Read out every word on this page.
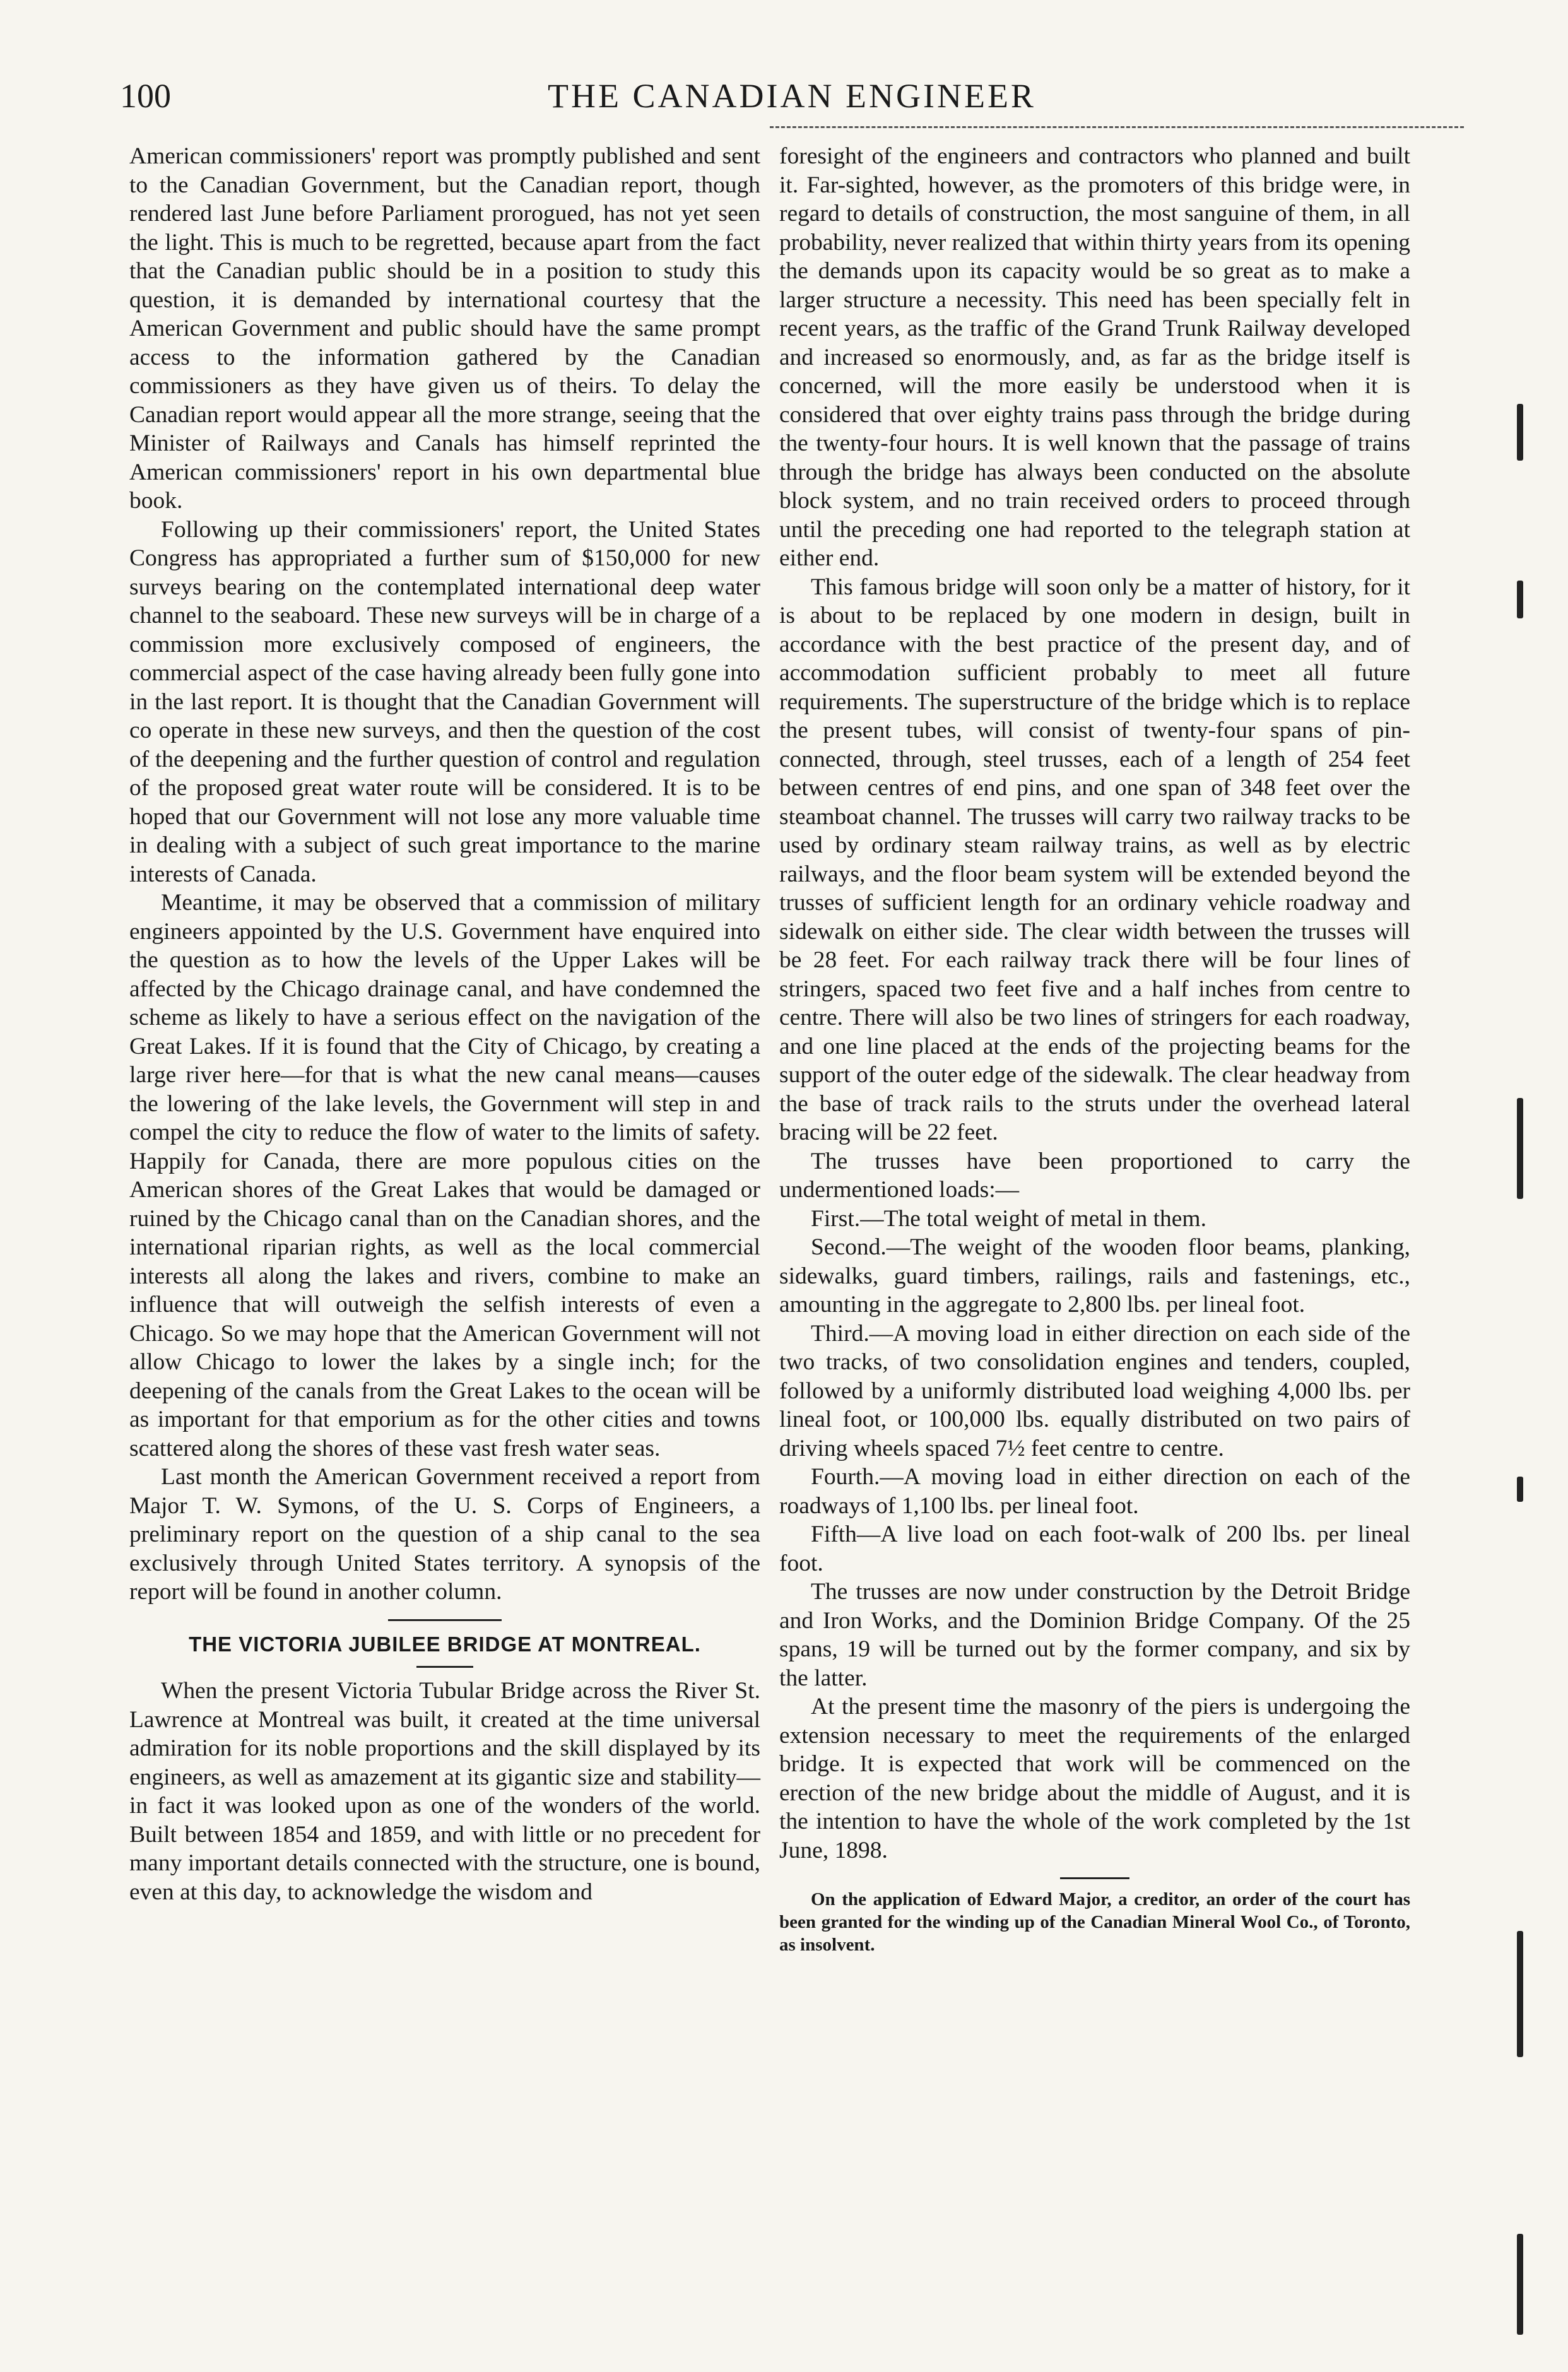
100	THE CANADIAN ENGINEER

American commissioners' report was promptly published and sent to the Canadian Government, but the Canadian report, though rendered last June before Parliament prorogued, has not yet seen the light. This is much to be regretted, because apart from the fact that the Canadian public should be in a position to study this question, it is demanded by international courtesy that the American Government and public should have the same prompt access to the information gathered by the Canadian commissioners as they have given us of theirs. To delay the Canadian report would appear all the more strange, seeing that the Minister of Railways and Canals has himself reprinted the American commissioners' report in his own departmental blue book.

Following up their commissioners' report, the United States Congress has appropriated a further sum of $150,000 for new surveys bearing on the contemplated international deep water channel to the seaboard. These new surveys will be in charge of a commission more exclusively composed of engineers, the commercial aspect of the case having already been fully gone into in the last report. It is thought that the Canadian Government will co operate in these new surveys, and then the question of the cost of the deepening and the further question of control and regulation of the proposed great water route will be considered. It is to be hoped that our Government will not lose any more valuable time in dealing with a subject of such great importance to the marine interests of Canada.

Meantime, it may be observed that a commission of military engineers appointed by the U.S. Government have enquired into the question as to how the levels of the Upper Lakes will be affected by the Chicago drainage canal, and have condemned the scheme as likely to have a serious effect on the navigation of the Great Lakes. If it is found that the City of Chicago, by creating a large river here—for that is what the new canal means—causes the lowering of the lake levels, the Government will step in and compel the city to reduce the flow of water to the limits of safety. Happily for Canada, there are more populous cities on the American shores of the Great Lakes that would be damaged or ruined by the Chicago canal than on the Canadian shores, and the international riparian rights, as well as the local commercial interests all along the lakes and rivers, combine to make an influence that will outweigh the selfish interests of even a Chicago. So we may hope that the American Government will not allow Chicago to lower the lakes by a single inch; for the deepening of the canals from the Great Lakes to the ocean will be as important for that emporium as for the other cities and towns scattered along the shores of these vast fresh water seas.

Last month the American Government received a report from Major T. W. Symons, of the U. S. Corps of Engineers, a preliminary report on the question of a ship canal to the sea exclusively through United States territory. A synopsis of the report will be found in another column.

THE VICTORIA JUBILEE BRIDGE AT MONTREAL.

When the present Victoria Tubular Bridge across the River St. Lawrence at Montreal was built, it created at the time universal admiration for its noble proportions and the skill displayed by its engineers, as well as amazement at its gigantic size and stability—in fact it was looked upon as one of the wonders of the world. Built between 1854 and 1859, and with little or no precedent for many important details connected with the structure, one is bound, even at this day, to acknowledge the wisdom and

foresight of the engineers and contractors who planned and built it. Far-sighted, however, as the promoters of this bridge were, in regard to details of construction, the most sanguine of them, in all probability, never realized that within thirty years from its opening the demands upon its capacity would be so great as to make a larger structure a necessity. This need has been specially felt in recent years, as the traffic of the Grand Trunk Railway developed and increased so enormously, and, as far as the bridge itself is concerned, will the more easily be understood when it is considered that over eighty trains pass through the bridge during the twenty-four hours. It is well known that the passage of trains through the bridge has always been conducted on the absolute block system, and no train received orders to proceed through until the preceding one had reported to the telegraph station at either end.

This famous bridge will soon only be a matter of history, for it is about to be replaced by one modern in design, built in accordance with the best practice of the present day, and of accommodation sufficient probably to meet all future requirements. The superstructure of the bridge which is to replace the present tubes, will consist of twenty-four spans of pin-connected, through, steel trusses, each of a length of 254 feet between centres of end pins, and one span of 348 feet over the steamboat channel. The trusses will carry two railway tracks to be used by ordinary steam railway trains, as well as by electric railways, and the floor beam system will be extended beyond the trusses of sufficient length for an ordinary vehicle roadway and sidewalk on either side. The clear width between the trusses will be 28 feet. For each railway track there will be four lines of stringers, spaced two feet five and a half inches from centre to centre. There will also be two lines of stringers for each roadway, and one line placed at the ends of the projecting beams for the support of the outer edge of the sidewalk. The clear headway from the base of track rails to the struts under the overhead lateral bracing will be 22 feet.

The trusses have been proportioned to carry the undermentioned loads:—

First.—The total weight of metal in them.

Second.—The weight of the wooden floor beams, planking, sidewalks, guard timbers, railings, rails and fastenings, etc., amounting in the aggregate to 2,800 lbs. per lineal foot.

Third.—A moving load in either direction on each side of the two tracks, of two consolidation engines and tenders, coupled, followed by a uniformly distributed load weighing 4,000 lbs. per lineal foot, or 100,000 lbs. equally distributed on two pairs of driving wheels spaced 7½ feet centre to centre.

Fourth.—A moving load in either direction on each of the roadways of 1,100 lbs. per lineal foot.

Fifth—A live load on each foot-walk of 200 lbs. per lineal foot.

The trusses are now under construction by the Detroit Bridge and Iron Works, and the Dominion Bridge Company. Of the 25 spans, 19 will be turned out by the former company, and six by the latter.

At the present time the masonry of the piers is undergoing the extension necessary to meet the requirements of the enlarged bridge. It is expected that work will be commenced on the erection of the new bridge about the middle of August, and it is the intention to have the whole of the work completed by the 1st June, 1898.

On the application of Edward Major, a creditor, an order of the court has been granted for the winding up of the Canadian Mineral Wool Co., of Toronto, as insolvent.
